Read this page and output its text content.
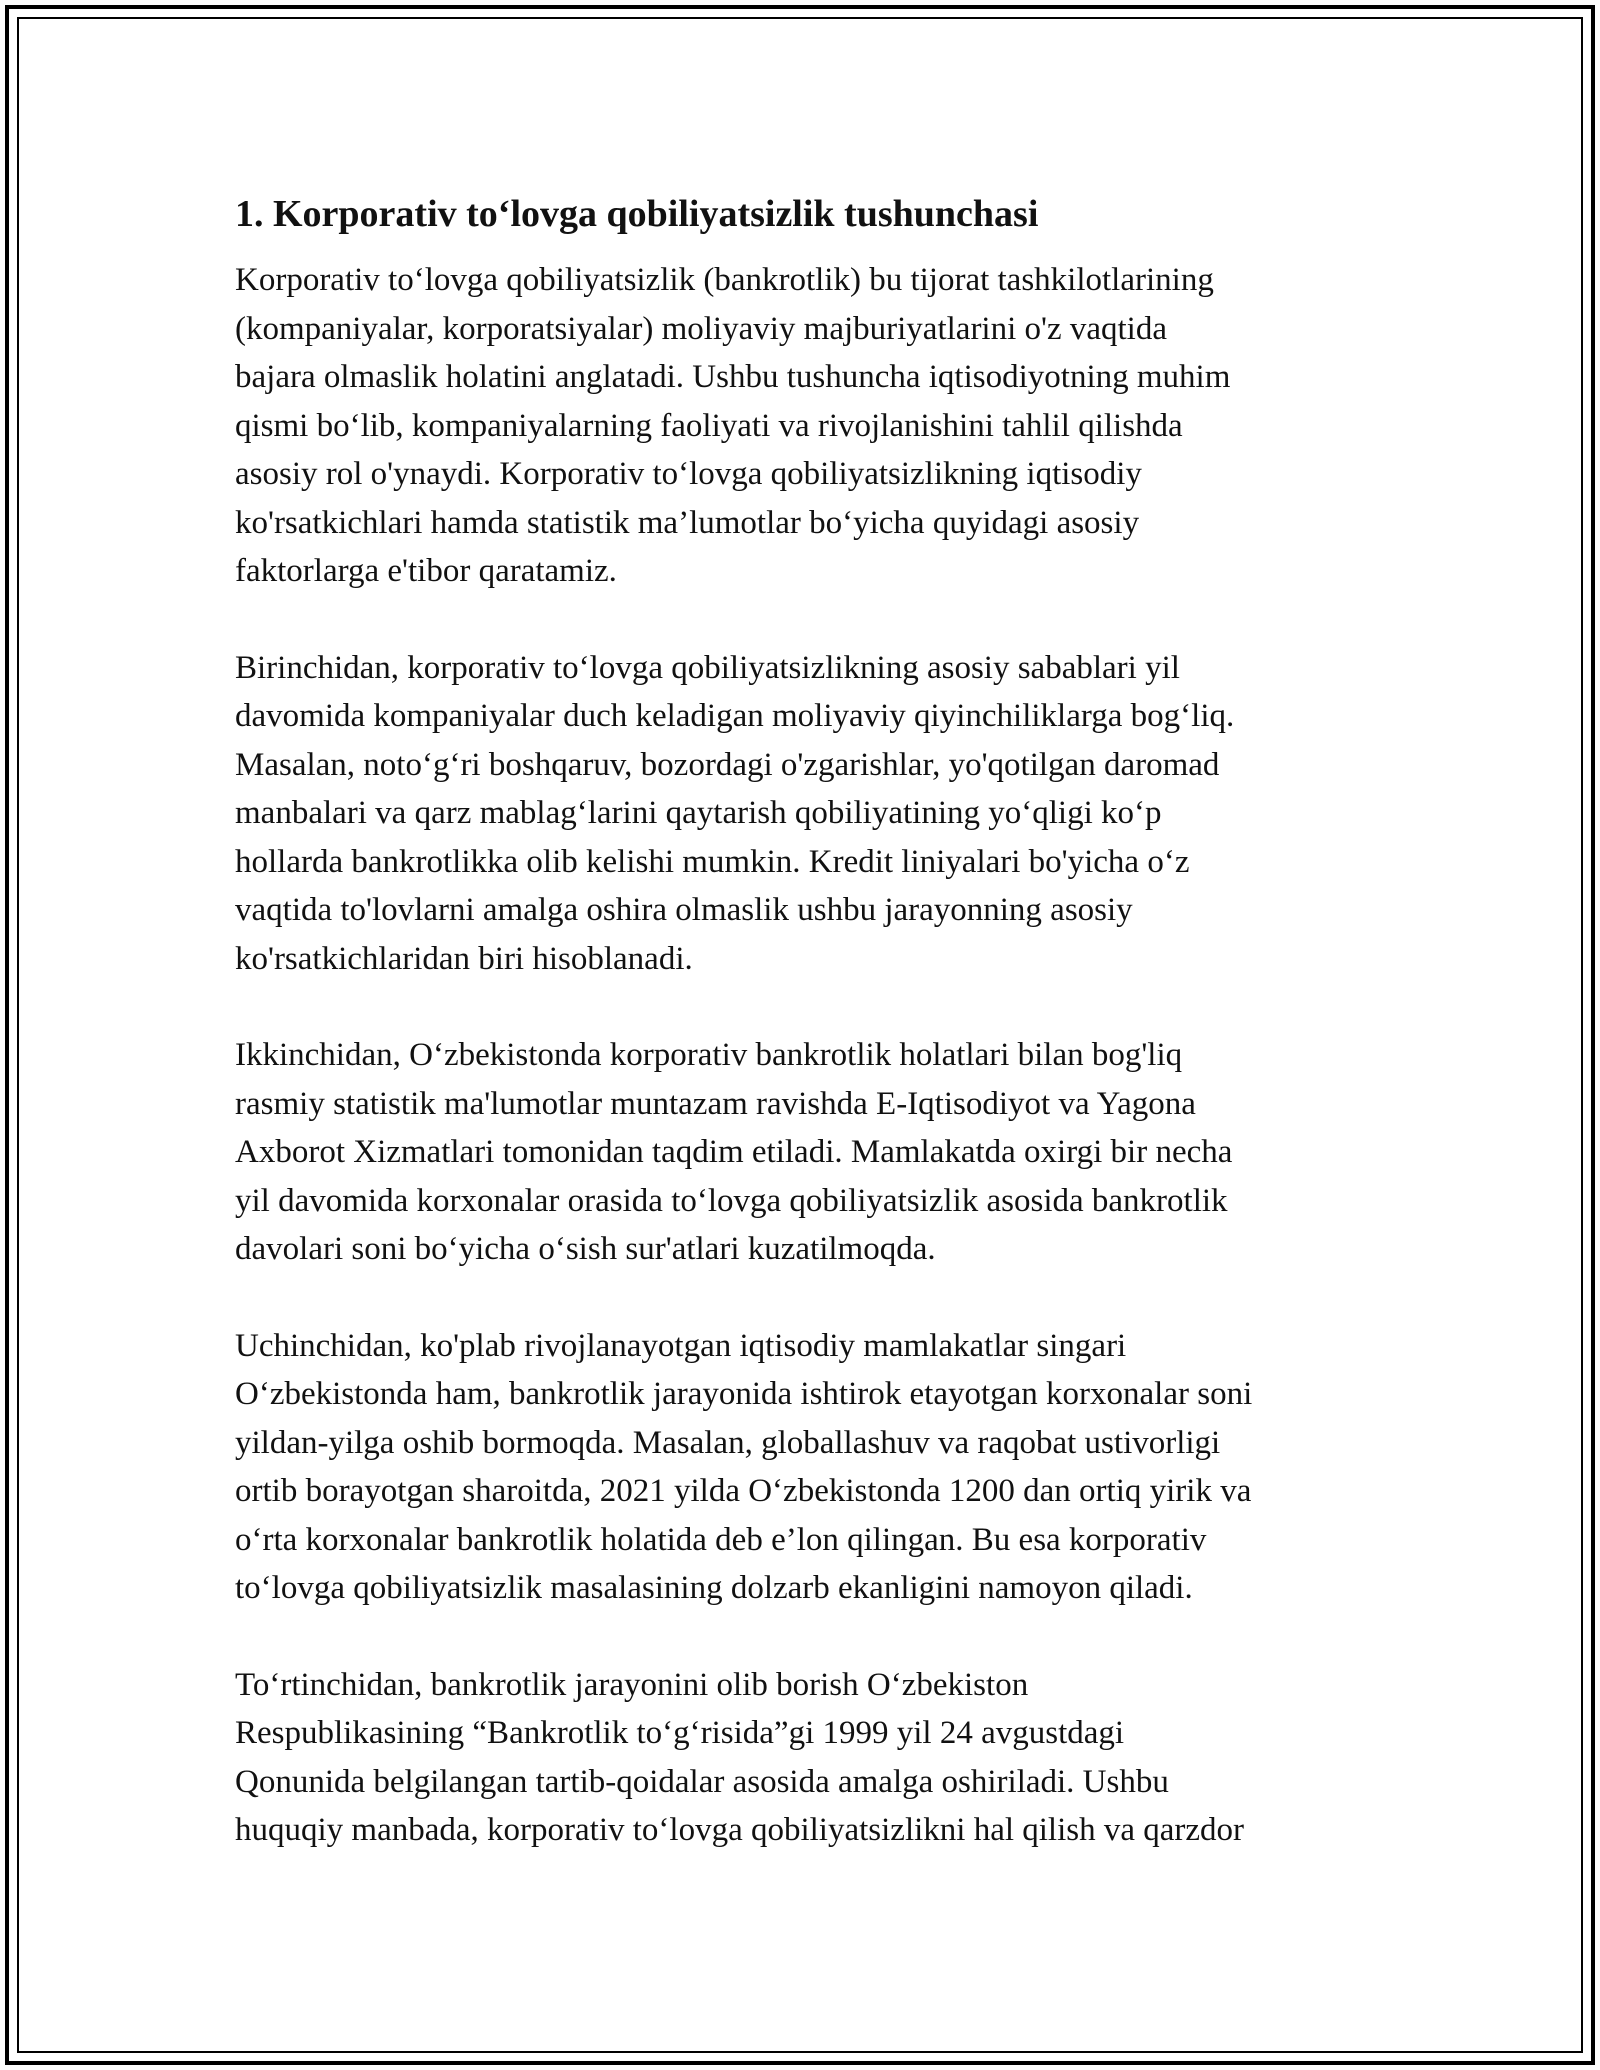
1. Korporativ to‘lovga qobiliyatsizlik tushunchasi

Korporativ to‘lovga qobiliyatsizlik (bankrotlik) bu tijorat tashkilotlarining
(kompaniyalar, korporatsiyalar) moliyaviy majburiyatlarini o'z vaqtida
bajara olmaslik holatini anglatadi. Ushbu tushuncha iqtisodiyotning muhim
qismi bo‘lib, kompaniyalarning faoliyati va rivojlanishini tahlil qilishda
asosiy rol o'ynaydi. Korporativ to‘lovga qobiliyatsizlikning iqtisodiy
ko'rsatkichlari hamda statistik ma’lumotlar bo‘yicha quyidagi asosiy
faktorlarga e'tibor qaratamiz.

Birinchidan, korporativ to‘lovga qobiliyatsizlikning asosiy sabablari yil
davomida kompaniyalar duch keladigan moliyaviy qiyinchiliklarga bog‘liq.
Masalan, noto‘g‘ri boshqaruv, bozordagi o'zgarishlar, yo'qotilgan daromad
manbalari va qarz mablag‘larini qaytarish qobiliyatining yo‘qligi ko‘p
hollarda bankrotlikka olib kelishi mumkin. Kredit liniyalari bo'yicha o‘z
vaqtida to'lovlarni amalga oshira olmaslik ushbu jarayonning asosiy
ko'rsatkichlaridan biri hisoblanadi.

Ikkinchidan, O‘zbekistonda korporativ bankrotlik holatlari bilan bog'liq
rasmiy statistik ma'lumotlar muntazam ravishda E-Iqtisodiyot va Yagona
Axborot Xizmatlari tomonidan taqdim etiladi. Mamlakatda oxirgi bir necha
yil davomida korxonalar orasida to‘lovga qobiliyatsizlik asosida bankrotlik
davolari soni bo‘yicha o‘sish sur'atlari kuzatilmoqda.

Uchinchidan, ko'plab rivojlanayotgan iqtisodiy mamlakatlar singari
O‘zbekistonda ham, bankrotlik jarayonida ishtirok etayotgan korxonalar soni
yildan-yilga oshib bormoqda. Masalan, globallashuv va raqobat ustivorligi
ortib borayotgan sharoitda, 2021 yilda O‘zbekistonda 1200 dan ortiq yirik va
o‘rta korxonalar bankrotlik holatida deb e’lon qilingan. Bu esa korporativ
to‘lovga qobiliyatsizlik masalasining dolzarb ekanligini namoyon qiladi.

To‘rtinchidan, bankrotlik jarayonini olib borish O‘zbekiston
Respublikasining “Bankrotlik to‘g‘risida”gi 1999 yil 24 avgustdagi
Qonunida belgilangan tartib-qoidalar asosida amalga oshiriladi. Ushbu
huquqiy manbada, korporativ to‘lovga qobiliyatsizlikni hal qilish va qarzdor
